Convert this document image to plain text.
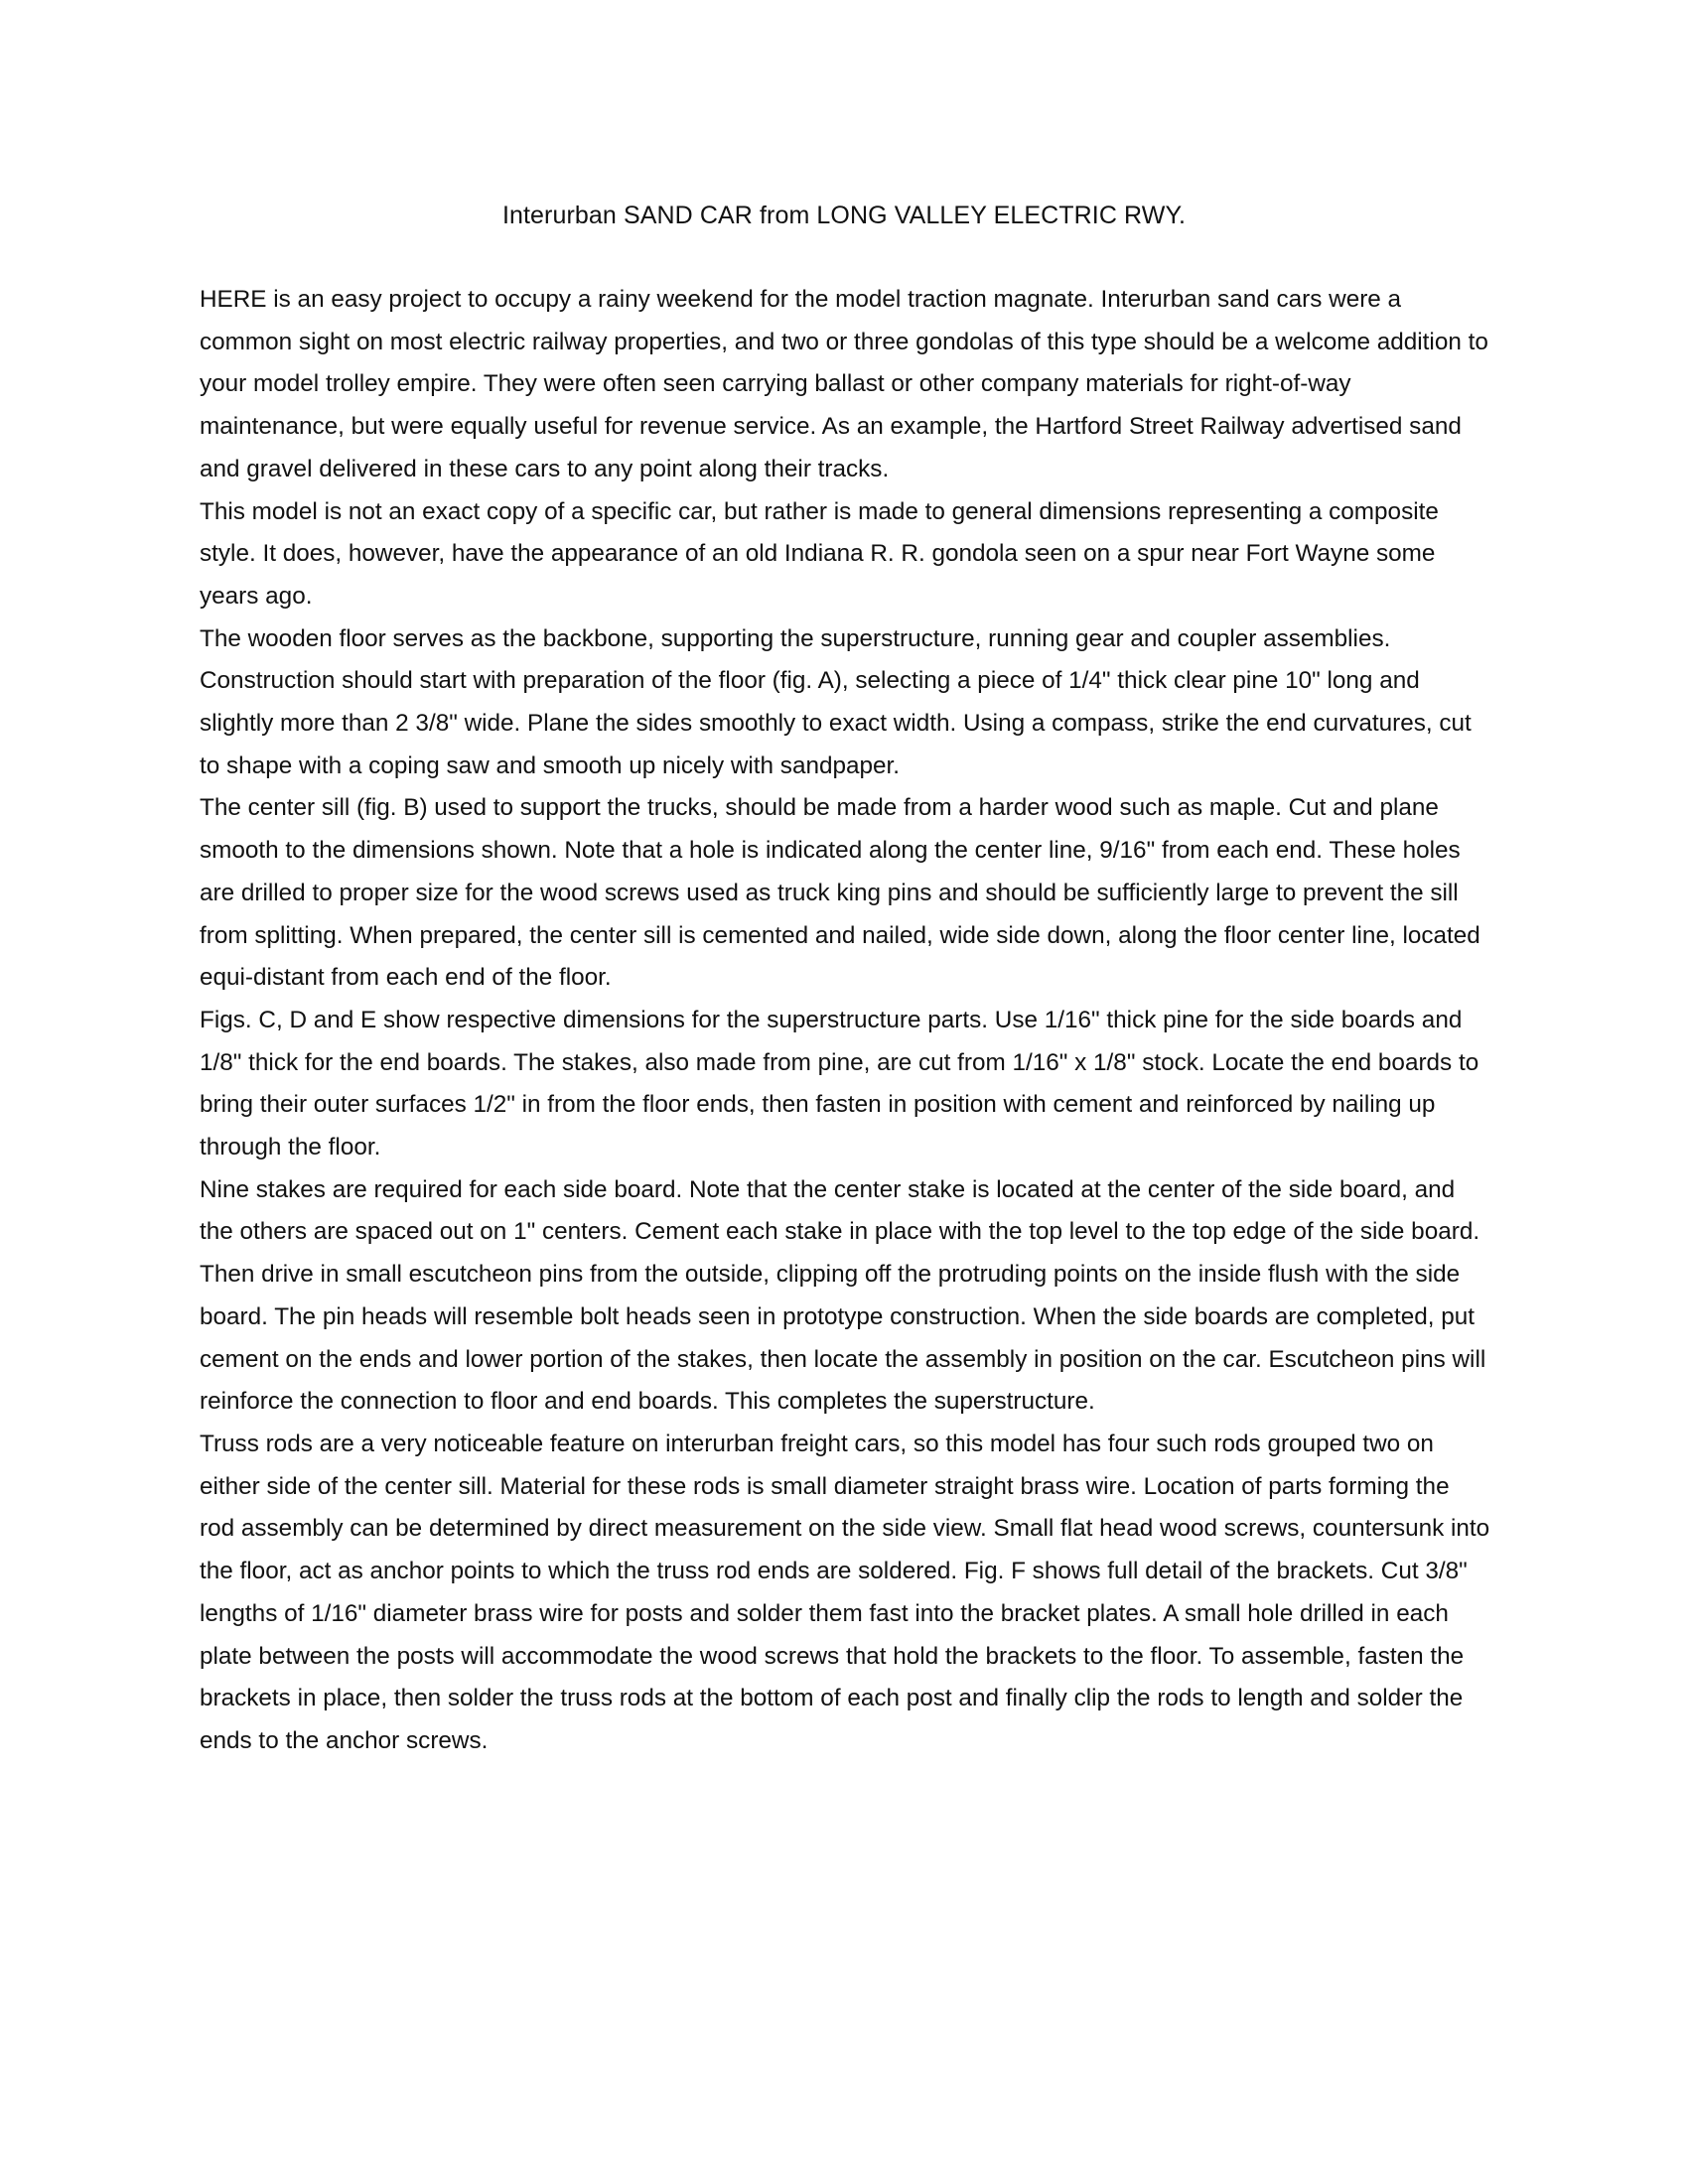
Interurban SAND CAR from LONG VALLEY ELECTRIC RWY.

HERE is an easy project to occupy a rainy weekend for the model traction magnate. Interurban sand cars were a common sight on most electric railway properties, and two or three gondolas of this type should be a welcome addition to your model trolley empire. They were often seen carrying ballast or other company materials for right-of-way maintenance, but were equally useful for revenue service. As an example, the Hartford Street Railway advertised sand and gravel delivered in these cars to any point along their tracks.

This model is not an exact copy of a specific car, but rather is made to general dimensions representing a composite style. It does, however, have the appearance of an old Indiana R. R. gondola seen on a spur near Fort Wayne some years ago.

The wooden floor serves as the backbone, supporting the superstructure, running gear and coupler assemblies. Construction should start with preparation of the floor (fig. A), selecting a piece of 1/4" thick clear pine 10" long and slightly more than 2 3/8" wide. Plane the sides smoothly to exact width. Using a compass, strike the end curvatures, cut to shape with a coping saw and smooth up nicely with sandpaper.

The center sill (fig. B) used to support the trucks, should be made from a harder wood such as maple. Cut and plane smooth to the dimensions shown. Note that a hole is indicated along the center line, 9/16" from each end. These holes are drilled to proper size for the wood screws used as truck king pins and should be sufficiently large to prevent the sill from splitting. When prepared, the center sill is cemented and nailed, wide side down, along the floor center line, located equi-distant from each end of the floor.

Figs. C, D and E show respective dimensions for the superstructure parts. Use 1/16" thick pine for the side boards and 1/8" thick for the end boards. The stakes, also made from pine, are cut from 1/16" x 1/8" stock. Locate the end boards to bring their outer surfaces 1/2" in from the floor ends, then fasten in position with cement and reinforced by nailing up through the floor.

Nine stakes are required for each side board. Note that the center stake is located at the center of the side board, and the others are spaced out on 1" centers. Cement each stake in place with the top level to the top edge of the side board. Then drive in small escutcheon pins from the outside, clipping off the protruding points on the inside flush with the side board. The pin heads will resemble bolt heads seen in prototype construction. When the side boards are completed, put cement on the ends and lower portion of the stakes, then locate the assembly in position on the car. Escutcheon pins will reinforce the connection to floor and end boards. This completes the superstructure.

Truss rods are a very noticeable feature on interurban freight cars, so this model has four such rods grouped two on either side of the center sill. Material for these rods is small diameter straight brass wire. Location of parts forming the rod assembly can be determined by direct measurement on the side view. Small flat head wood screws, countersunk into the floor, act as anchor points to which the truss rod ends are soldered. Fig. F shows full detail of the brackets. Cut 3/8" lengths of 1/16" diameter brass wire for posts and solder them fast into the bracket plates. A small hole drilled in each plate between the posts will accommodate the wood screws that hold the brackets to the floor. To assemble, fasten the brackets in place, then solder the truss rods at the bottom of each post and finally clip the rods to length and solder the ends to the anchor screws.
